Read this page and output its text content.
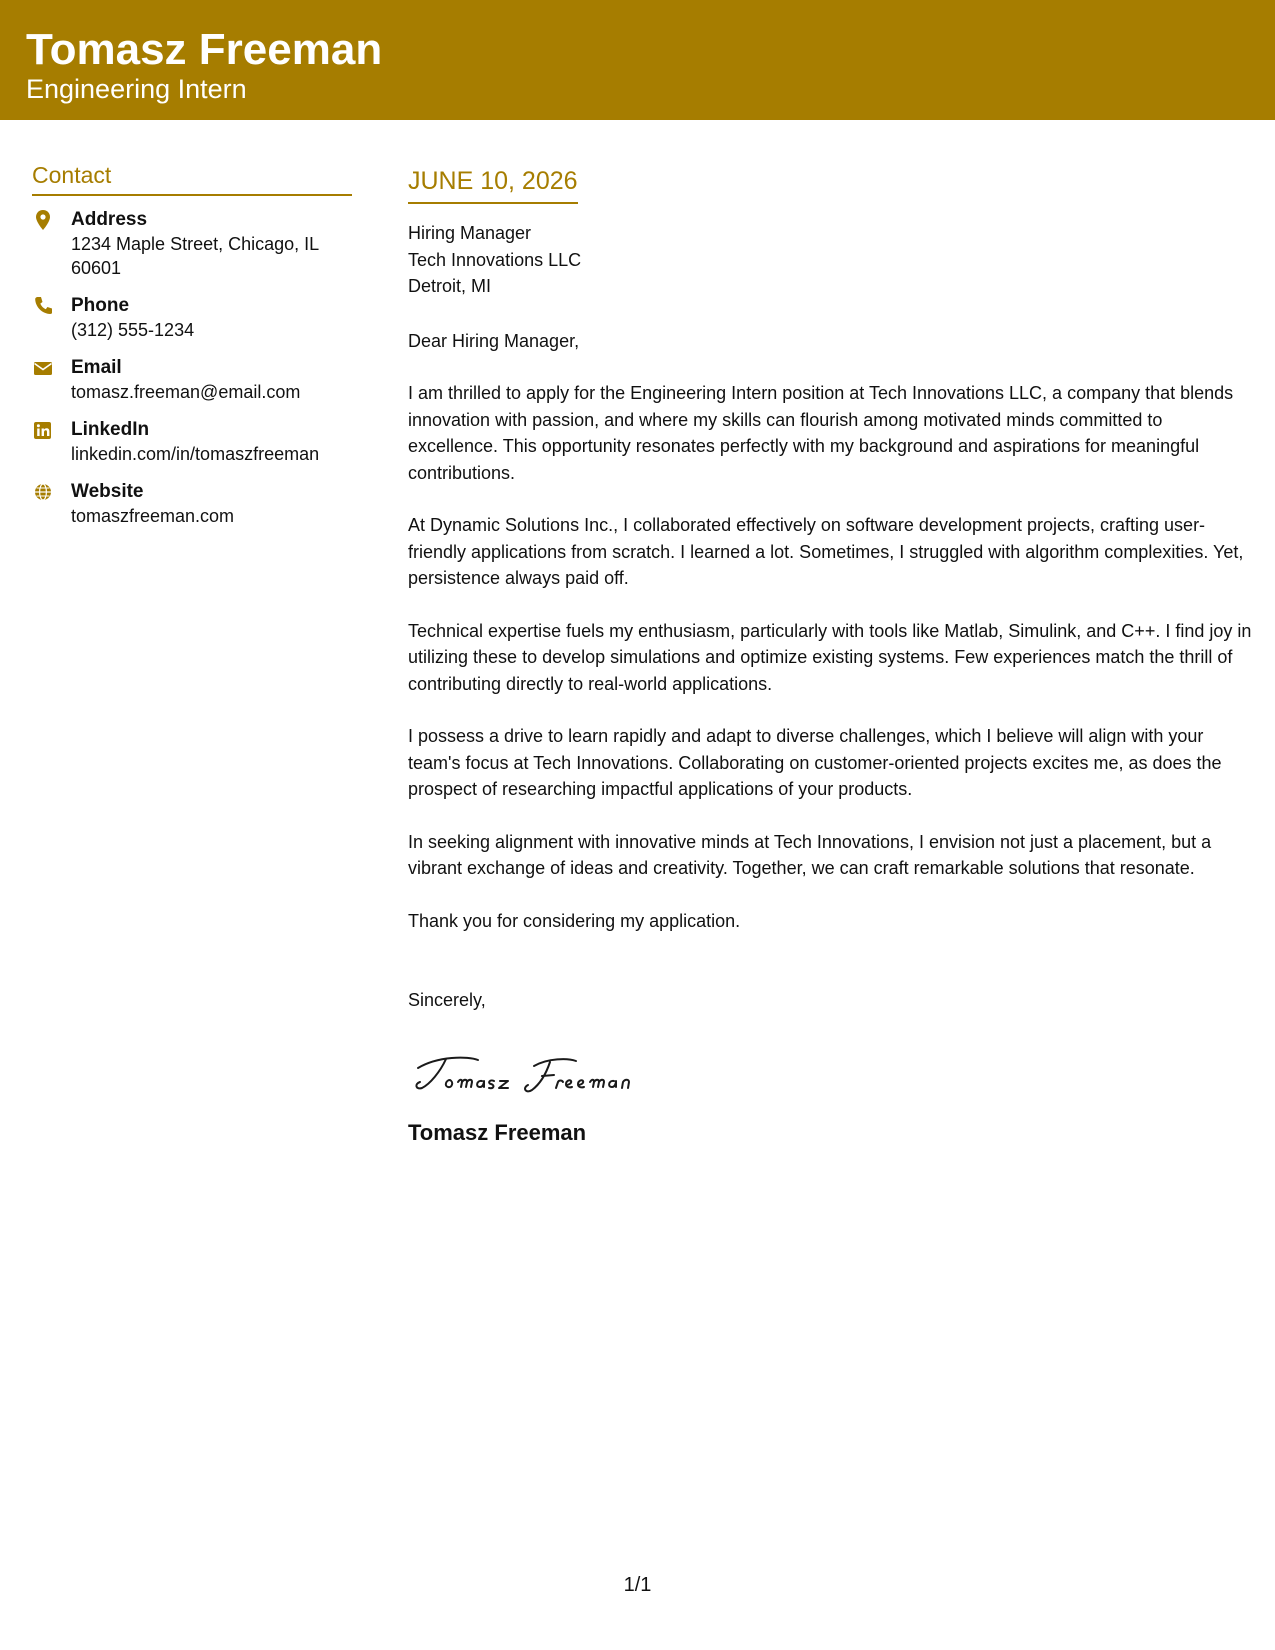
Tomasz Freeman
Engineering Intern
Contact
Address
1234 Maple Street, Chicago, IL 60601
Phone
(312) 555-1234
Email
tomasz.freeman@email.com
LinkedIn
linkedin.com/in/tomaszfreeman
Website
tomaszfreeman.com
JUNE 10, 2026
Hiring Manager
Tech Innovations LLC
Detroit, MI
Dear Hiring Manager,
I am thrilled to apply for the Engineering Intern position at Tech Innovations LLC, a company that blends innovation with passion, and where my skills can flourish among motivated minds committed to excellence. This opportunity resonates perfectly with my background and aspirations for meaningful contributions.
At Dynamic Solutions Inc., I collaborated effectively on software development projects, crafting user-friendly applications from scratch. I learned a lot. Sometimes, I struggled with algorithm complexities. Yet, persistence always paid off.
Technical expertise fuels my enthusiasm, particularly with tools like Matlab, Simulink, and C++. I find joy in utilizing these to develop simulations and optimize existing systems. Few experiences match the thrill of contributing directly to real-world applications.
I possess a drive to learn rapidly and adapt to diverse challenges, which I believe will align with your team's focus at Tech Innovations. Collaborating on customer-oriented projects excites me, as does the prospect of researching impactful applications of your products.
In seeking alignment with innovative minds at Tech Innovations, I envision not just a placement, but a vibrant exchange of ideas and creativity. Together, we can craft remarkable solutions that resonate.
Thank you for considering my application.
Sincerely,
Tomasz Freeman
1/1
